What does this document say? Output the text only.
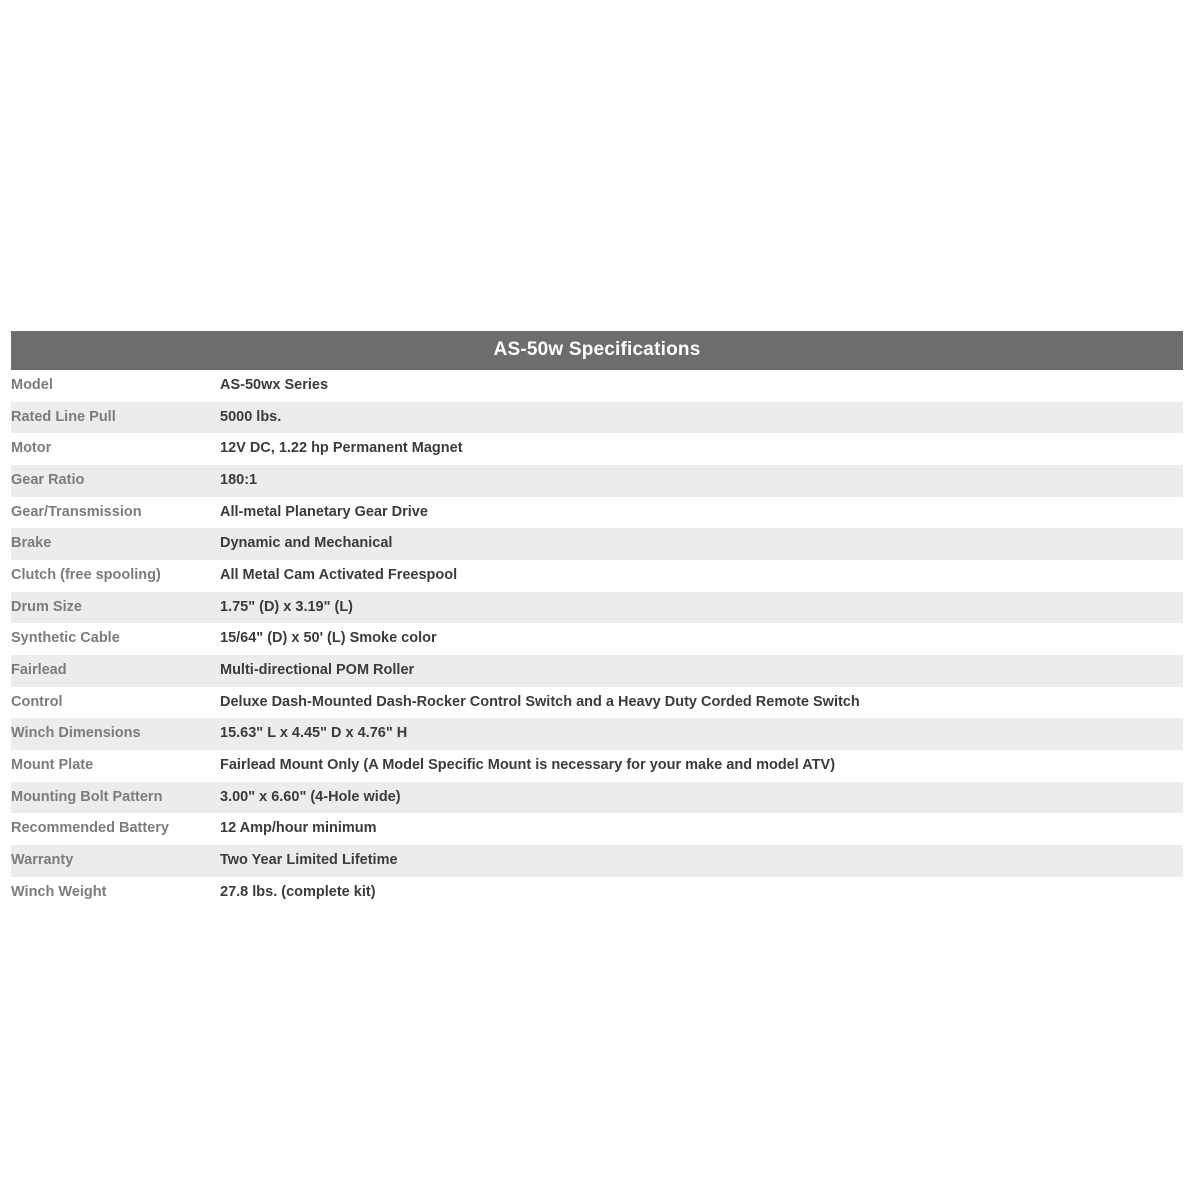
AS-50w Specifications
Model	AS-50wx Series
Rated Line Pull	5000 lbs.
Motor	12V DC, 1.22 hp Permanent Magnet
Gear Ratio	180:1
Gear/Transmission	All-metal Planetary Gear Drive
Brake	Dynamic and Mechanical
Clutch (free spooling)	All Metal Cam Activated Freespool
Drum Size	1.75" (D) x 3.19" (L)
Synthetic Cable	15/64" (D) x 50' (L) Smoke color
Fairlead	Multi-directional POM Roller
Control	Deluxe Dash-Mounted Dash-Rocker Control Switch and a Heavy Duty Corded Remote Switch
Winch Dimensions	15.63" L x 4.45" D x 4.76" H
Mount Plate	Fairlead Mount Only (A Model Specific Mount is necessary for your make and model ATV)
Mounting Bolt Pattern	3.00" x 6.60" (4-Hole wide)
Recommended Battery	12 Amp/hour minimum
Warranty	Two Year Limited Lifetime
Winch Weight	27.8 lbs. (complete kit)
